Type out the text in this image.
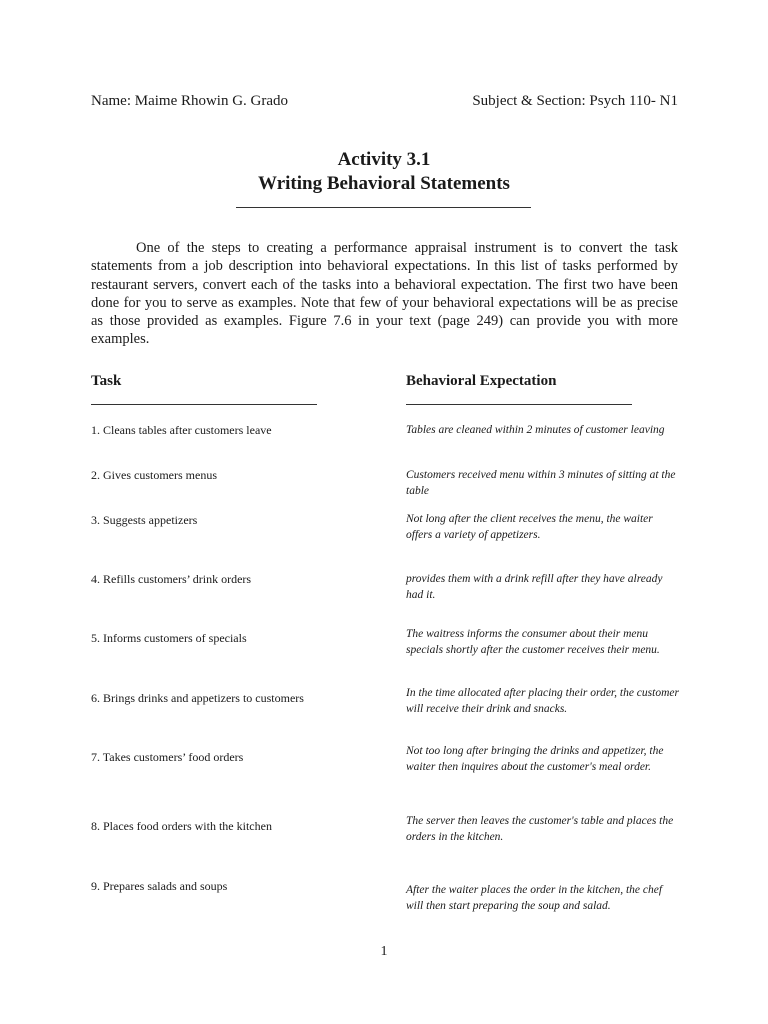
Name: Maime Rhowin G. Grado	Subject & Section: Psych 110- N1
Activity 3.1
Writing Behavioral Statements
One of the steps to creating a performance appraisal instrument is to convert the task statements from a job description into behavioral expectations. In this list of tasks performed by restaurant servers, convert each of the tasks into a behavioral expectation. The first two have been done for you to serve as examples. Note that few of your behavioral expectations will be as precise as those provided as examples. Figure 7.6 in your text (page 249) can provide you with more examples.
Task	Behavioral Expectation
1. Cleans tables after customers leave	Tables are cleaned within 2 minutes of customer leaving
2. Gives customers menus	Customers received menu within 3 minutes of sitting at the table
3. Suggests appetizers	Not long after the client receives the menu, the waiter offers a variety of appetizers.
4. Refills customers’ drink orders	provides them with a drink refill after they have already had it.
5. Informs customers of specials	The waitress informs the consumer about their menu specials shortly after the customer receives their menu.
6. Brings drinks and appetizers to customers	In the time allocated after placing their order, the customer will receive their drink and snacks.
7. Takes customers’ food orders	Not too long after bringing the drinks and appetizer, the waiter then inquires about the customer's meal order.
8. Places food orders with the kitchen	The server then leaves the customer's table and places the orders in the kitchen.
9. Prepares salads and soups	After the waiter places the order in the kitchen, the chef will then start preparing the soup and salad.
1
